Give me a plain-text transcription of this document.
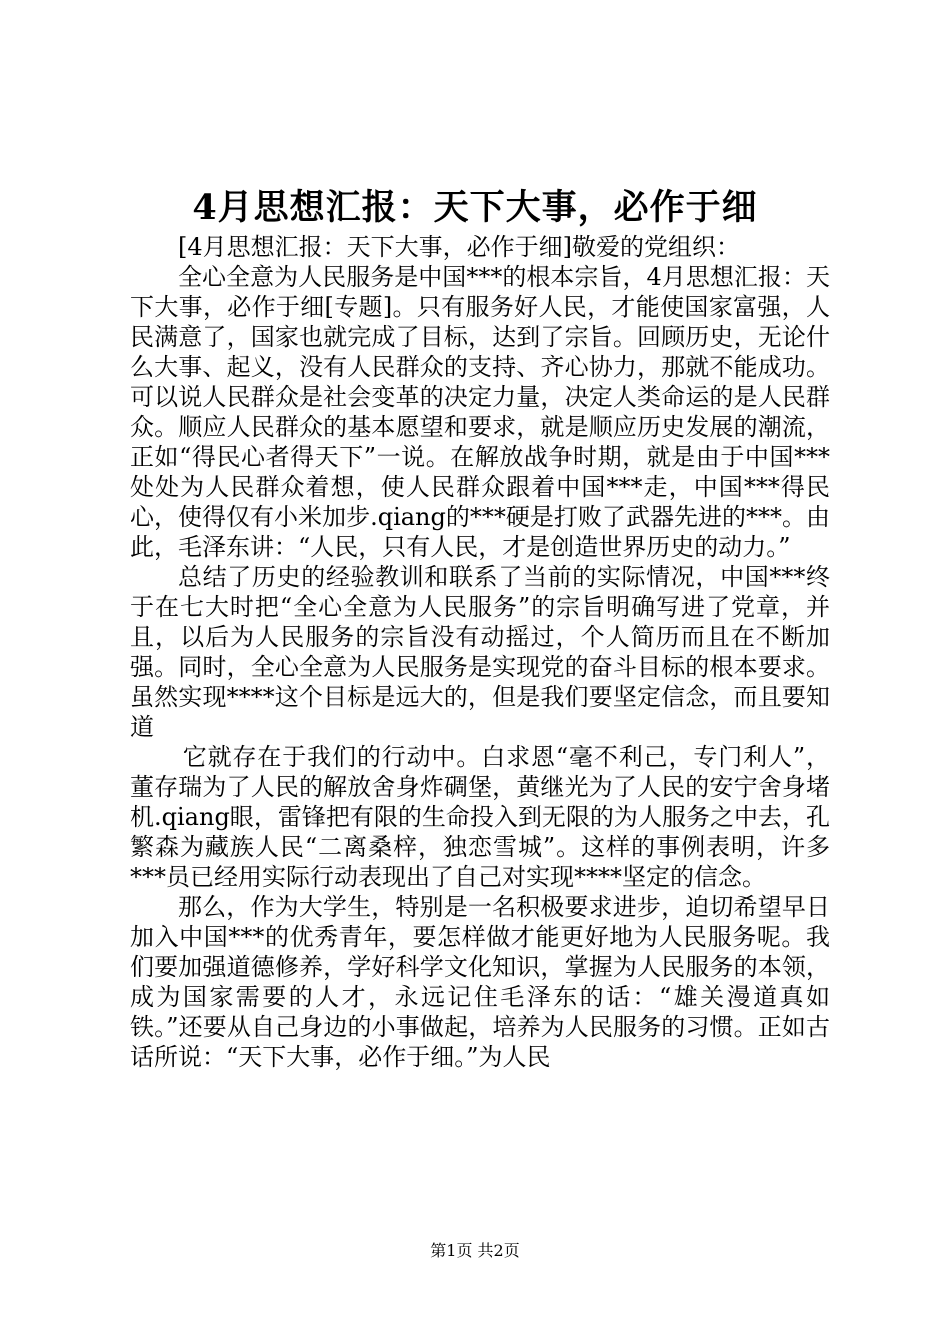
4月思想汇报：天下大事，必作于细

[4月思想汇报：天下大事，必作于细]敬爱的党组织：

全心全意为人民服务是中国***的根本宗旨，4月思想汇报：天下大事，必作于细[专题]。只有服务好人民，才能使国家富强，人民满意了，国家也就完成了目标，达到了宗旨。回顾历史，无论什么大事、起义，没有人民群众的支持、齐心协力，那就不能成功。可以说人民群众是社会变革的决定力量，决定人类命运的是人民群众。顺应人民群众的基本愿望和要求，就是顺应历史发展的潮流，正如“得民心者得天下”一说。在解放战争时期，就是由于中国***处处为人民群众着想，使人民群众跟着中国***走，中国***得民心，使得仅有小米加步.qiang的***硬是打败了武器先进的***。由此，毛泽东讲：“人民，只有人民，才是创造世界历史的动力。”

总结了历史的经验教训和联系了当前的实际情况，中国***终于在七大时把“全心全意为人民服务”的宗旨明确写进了党章，并且，以后为人民服务的宗旨没有动摇过，个人简历而且在不断加强。同时，全心全意为人民服务是实现党的奋斗目标的根本要求。虽然实现****这个目标是远大的，但是我们要坚定信念，而且要知道

它就存在于我们的行动中。白求恩“毫不利己，专门利人”，董存瑞为了人民的解放舍身炸碉堡，黄继光为了人民的安宁舍身堵机.qiang眼，雷锋把有限的生命投入到无限的为人服务之中去，孔繁森为藏族人民“二离桑梓，独恋雪城”。这样的事例表明，许多***员已经用实际行动表现出了自己对实现****坚定的信念。

那么，作为大学生，特别是一名积极要求进步，迫切希望早日加入中国***的优秀青年，要怎样做才能更好地为人民服务呢。我们要加强道德修养，学好科学文化知识，掌握为人民服务的本领，成为国家需要的人才，永远记住毛泽东的话：“雄关漫道真如铁。”还要从自己身边的小事做起，培养为人民服务的习惯。正如古话所说：“天下大事，必作于细。”为人民

第1页 共2页
